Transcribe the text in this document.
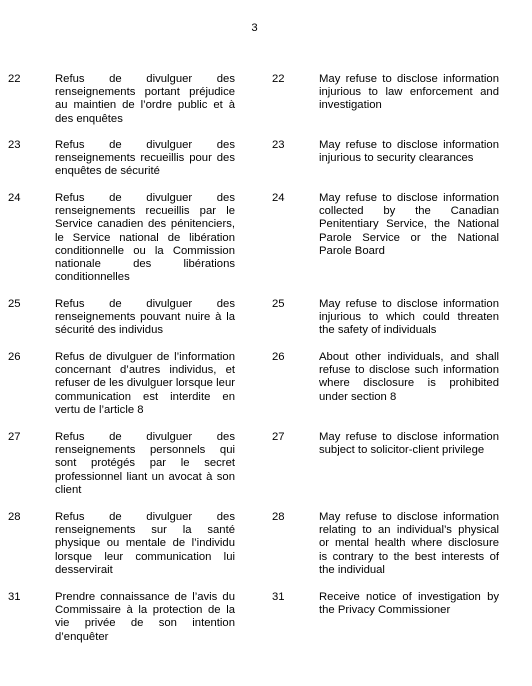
3
22	Refus de divulguer des renseignements portant préjudice au maintien de l’ordre public et à des enquêtes
22	May refuse to disclose information injurious to law enforcement and investigation
23	Refus de divulguer des renseignements recueillis pour des enquêtes de sécurité
23	May refuse to disclose information injurious to security clearances
24	Refus de divulguer des renseignements recueillis par le Service canadien des pénitenciers, le Service national de libération conditionnelle ou la Commission nationale des libérations conditionnelles
24	May refuse to disclose information collected by the Canadian Penitentiary Service, the National Parole Service or the National Parole Board
25	Refus de divulguer des renseignements pouvant nuire à la sécurité des individus
25	May refuse to disclose information injurious to which could threaten the safety of individuals
26	Refus de divulguer de l’information concernant d’autres individus, et refuser de les divulguer lorsque leur communication est interdite en vertu de l’article 8
26	About other individuals, and shall refuse to disclose such information where disclosure is prohibited under section 8
27	Refus de divulguer des renseignements personnels qui sont protégés par le secret professionnel liant un avocat à son client
27	May refuse to disclose information subject to solicitor-client privilege
28	Refus de divulguer des renseignements sur la santé physique ou mentale de l’individu lorsque leur communication lui desservirait
28	May refuse to disclose information relating to an individual’s physical or mental health where disclosure is contrary to the best interests of the individual
31	Prendre connaissance de l’avis du Commissaire à la protection de la vie privée de son intention d’enquêter
31	Receive notice of investigation by the Privacy Commissioner
